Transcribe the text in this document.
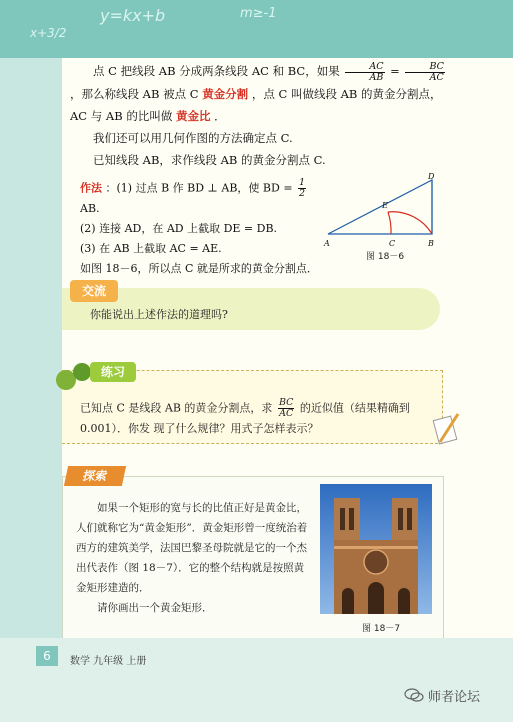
x+3/2
y=kx+b	m≥-1

点 C 把线段 AB 分成两条线段 AC 和 BC，如果 $\frac{AC}{AB} = \frac{BC}{AC}$
，那么称线段 AB 被点 C 黄金分割 ，点 C 叫做线段 AB 的黄金分割点，AC 与 AB 的比叫做 黄金比 ．

我们还可以用几何作图的方法确定点 C.

已知线段 AB，求作线段 AB 的黄金分割点 C.

作法 ：(1) 过点 B 作 BD ⊥ AB，使 BD = $\frac{1}{2}$
AB.
(2) 连接 AD，在 AD 上截取 DE = DB.
(3) 在 AB 上截取 AC = AE.
如图 18－6，所以点 C 就是所求的黄金分割点．
A	B
C
D
E
图 18－6
交流
你能说出上述作法的道理吗?
练习
已知点 C 是线段 AB 的黄金分割点，求 $\frac{BC}{AC}$ 的近似值（结果精确到 0.001）．你发 现了什么规律？用式子怎样表示？
探索
如果一个矩形的宽与长的比值正好是黄金比，人们就称它为“黄金矩形”．黄金矩形曾一度统治着西方的建筑美学，法国巴黎圣母院就是它的一个杰出代表作（图 18－7）．它的整个结构就是按照黄金矩形建造的．
请你画出一个黄金矩形．
图 18－7
6	数学 九年级 上册
师者论坛
